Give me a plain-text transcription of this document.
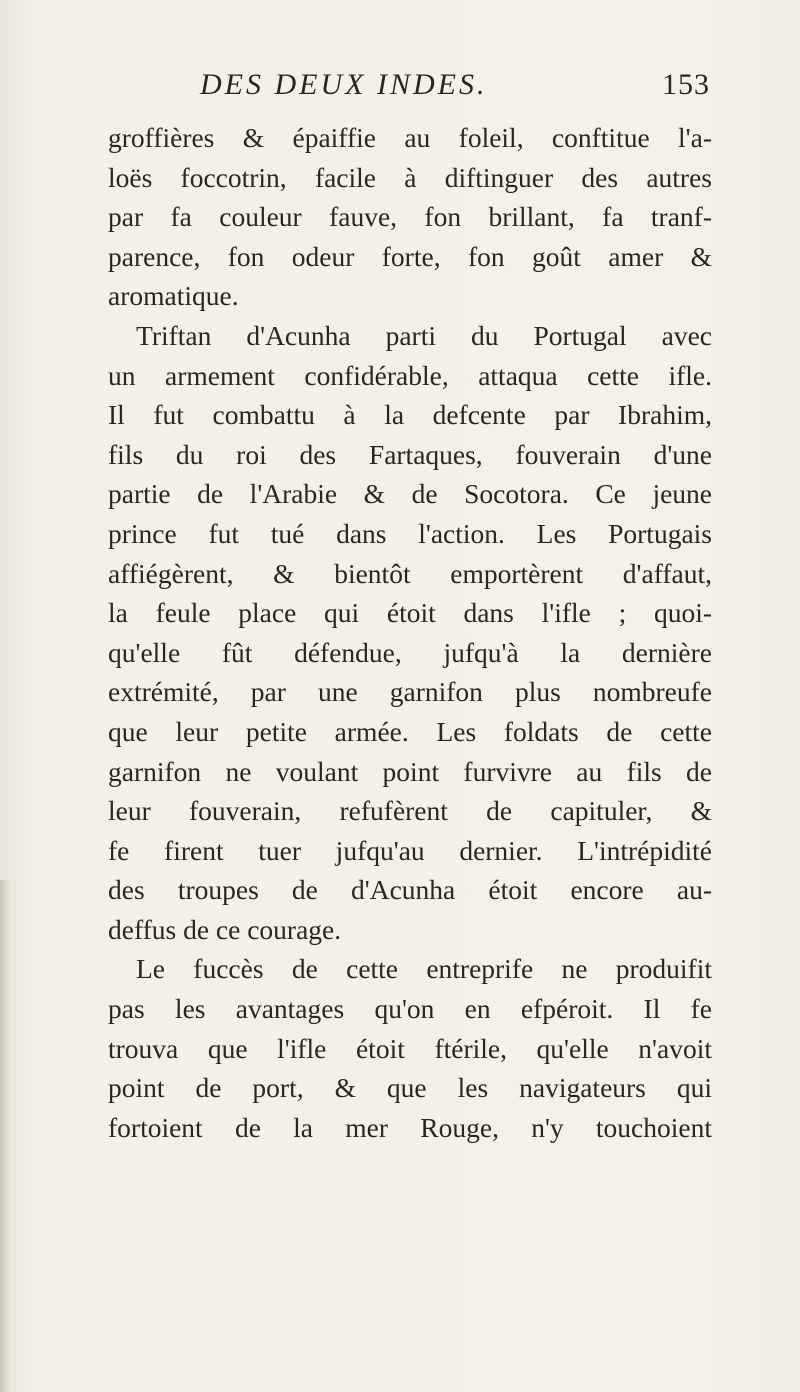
DES DEUX INDES.	153
groffières & épaiffie au foleil, conftitue l'a-
loës foccotrin, facile à diftinguer des autres
par fa couleur fauve, fon brillant, fa tranf-
parence, fon odeur forte, fon goût amer &
aromatique.
Triftan d'Acunha parti du Portugal avec
un armement confidérable, attaqua cette ifle.
Il fut combattu à la defcente par Ibrahim,
fils du roi des Fartaques, fouverain d'une
partie de l'Arabie & de Socotora. Ce jeune
prince fut tué dans l'action. Les Portugais
affiégèrent, & bientôt emportèrent d'affaut,
la feule place qui étoit dans l'ifle ; quoi-
qu'elle fût défendue, jufqu'à la dernière
extrémité, par une garnifon plus nombreufe
que leur petite armée. Les foldats de cette
garnifon ne voulant point furvivre au fils de
leur fouverain, refufèrent de capituler, &
fe firent tuer jufqu'au dernier. L'intrépidité
des troupes de d'Acunha étoit encore au-
deffus de ce courage.
Le fuccès de cette entreprife ne produifit
pas les avantages qu'on en efpéroit. Il fe
trouva que l'ifle étoit ftérile, qu'elle n'avoit
point de port, & que les navigateurs qui
fortoient de la mer Rouge, n'y touchoient
